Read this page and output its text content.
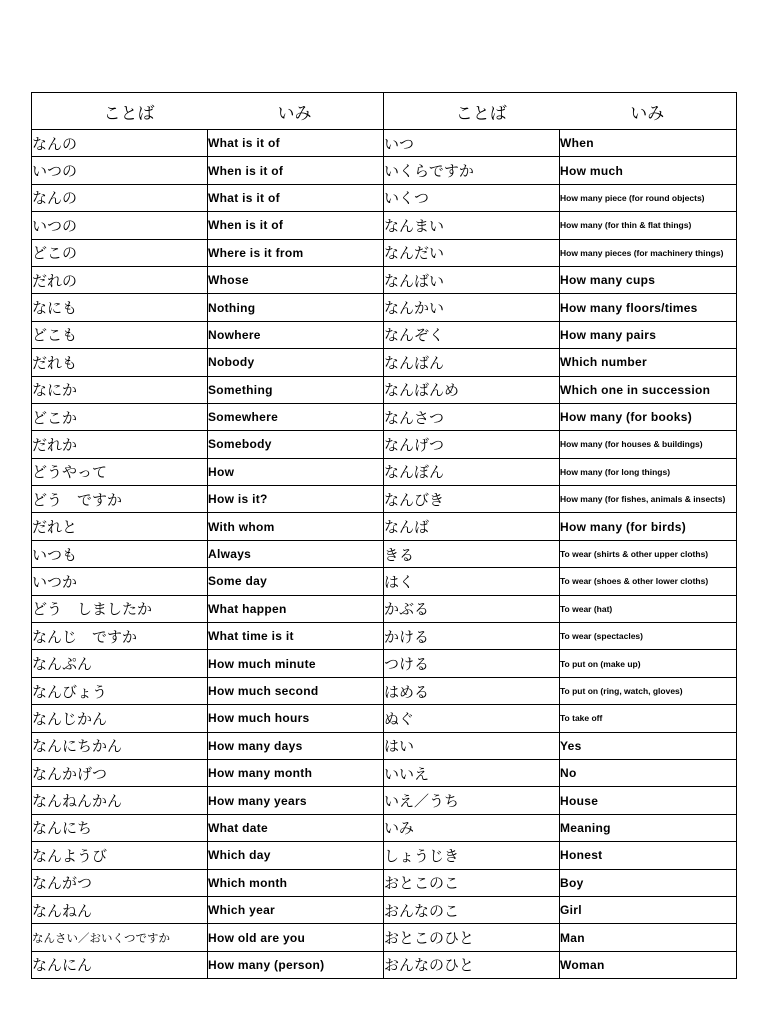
ことば いみ		ことば いみ	

なんの	What is it of	いつ	When
いつの	When is it of	いくらですか	How much
なんの	What is it of	いくつ	How many piece (for round objects)
いつの	When is it of	なんまい	How many (for thin & flat things)
どこの	Where is it from	なんだい	How many pieces (for machinery things)
だれの	Whose	なんばい	How many cups
なにも	Nothing	なんかい	How many floors/times
どこも	Nowhere	なんぞく	How many pairs
だれも	Nobody	なんばん	Which number
なにか	Something	なんばんめ	Which one in succession
どこか	Somewhere	なんさつ	How many (for books)
だれか	Somebody	なんげつ	How many (for houses & buildings)
どうやって	How	なんぼん	How many (for long things)
どう　ですか	How is it?	なんびき	How many (for fishes, animals & insects)
だれと	With whom	なんば	How many (for birds)
いつも	Always	きる	To wear (shirts & other upper cloths)
いつか	Some day	はく	To wear (shoes & other lower cloths)
どう　しましたか	What happen	かぶる	To wear (hat)
なんじ　ですか	What time is it	かける	To wear (spectacles)
なんぷん	How much minute	つける	To put on (make up)
なんびょう	How much second	はめる	To put on (ring, watch, gloves)
なんじかん	How much hours	ぬぐ	To take off
なんにちかん	How many days	はい	Yes
なんかげつ	How many month	いいえ	No
なんねんかん	How many years	いえ／うち	House
なんにち	What date	いみ	Meaning
なんようび	Which day	しょうじき	Honest
なんがつ	Which month	おとこのこ	Boy
なんねん	Which year	おんなのこ	Girl
なんさい／おいくつですか	How old are you	おとこのひと	Man
なんにん	How many (person)	おんなのひと	Woman
